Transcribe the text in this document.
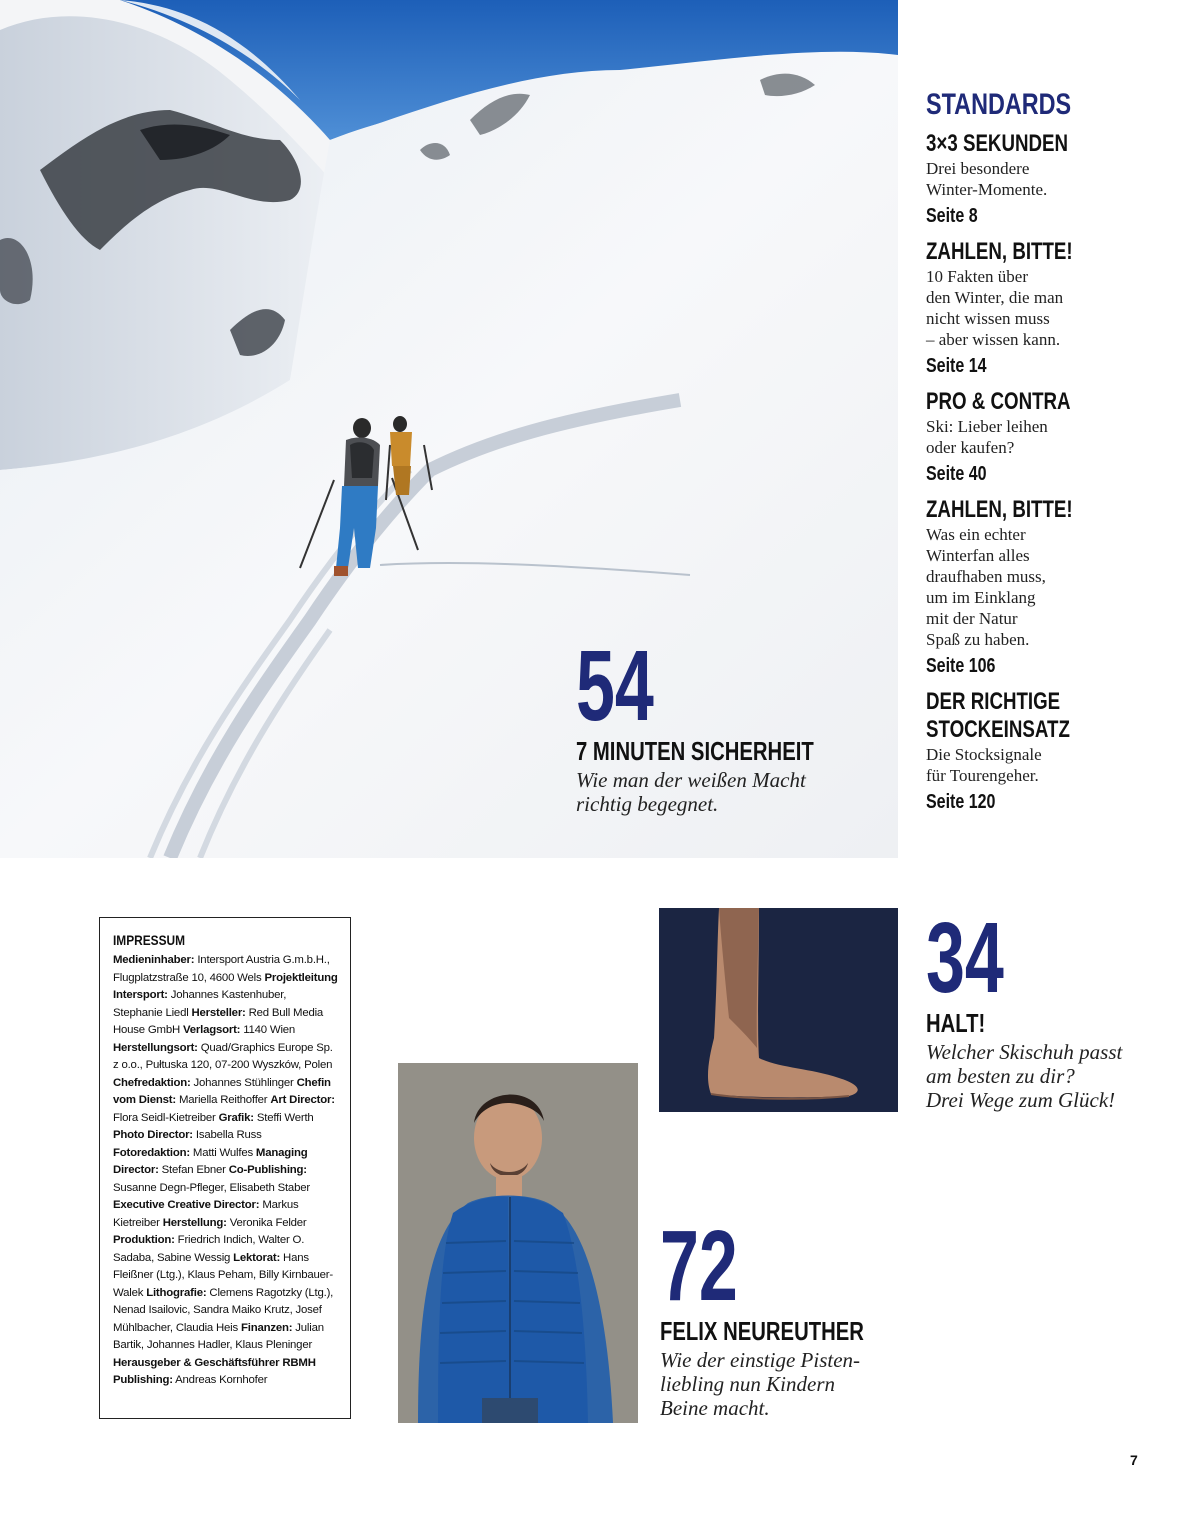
STANDARDS
3×3 SEKUNDEN
Drei besondere
Winter-Momente.
Seite 8
ZAHLEN, BITTE!
10 Fakten über
den Winter, die man
nicht wissen muss
– aber wissen kann.
Seite 14
PRO & CONTRA
Ski: Lieber leihen
oder kaufen?
Seite 40
ZAHLEN, BITTE!
Was ein echter
Winterfan alles
draufhaben muss,
um im Einklang
mit der Natur
Spaß zu haben.
Seite 106
DER RICHTIGE
STOCKEINSATZ
Die Stocksignale
für Tourengeher.
Seite 120
54
7 MINUTEN SICHERHEIT
Wie man der weißen Macht
richtig begegnet.
34
HALT!
Welcher Skischuh passt
am besten zu dir?
Drei Wege zum Glück!
72
FELIX NEUREUTHER
Wie der einstige Pisten-
liebling nun Kindern
Beine macht.
IMPRESSUM
Medieninhaber: Intersport Austria G.m.b.H., Flugplatzstraße 10, 4600 Wels Projektleitung Intersport: Johannes Kastenhuber, Stephanie Liedl Hersteller: Red Bull Media House GmbH Verlagsort: 1140 Wien Herstellungsort: Quad/Graphics Europe Sp. z o.o., Pułtuska 120, 07-200 Wyszków, Polen Chefredaktion: Johannes Stühlinger Chefin vom Dienst: Mariella Reithoffer Art Director: Flora Seidl-Kietreiber Grafik: Steffi Werth Photo Director: Isabella Russ Fotoredaktion: Matti Wulfes Managing Director: Stefan Ebner Co-Publishing: Susanne Degn-Pfleger, Elisabeth Staber Executive Creative Director: Markus Kietreiber Herstellung: Veronika Felder Produktion: Friedrich Indich, Walter O. Sadaba, Sabine Wessig Lektorat: Hans Fleißner (Ltg.), Klaus Peham, Billy Kirnbauer-Walek Lithografie: Clemens Ragotzky (Ltg.), Nenad Isailovic, Sandra Maiko Krutz, Josef Mühlbacher, Claudia Heis Finanzen: Julian Bartik, Johannes Hadler, Klaus Pleninger Herausgeber & Geschäftsführer RBMH Publishing: Andreas Kornhofer
7
